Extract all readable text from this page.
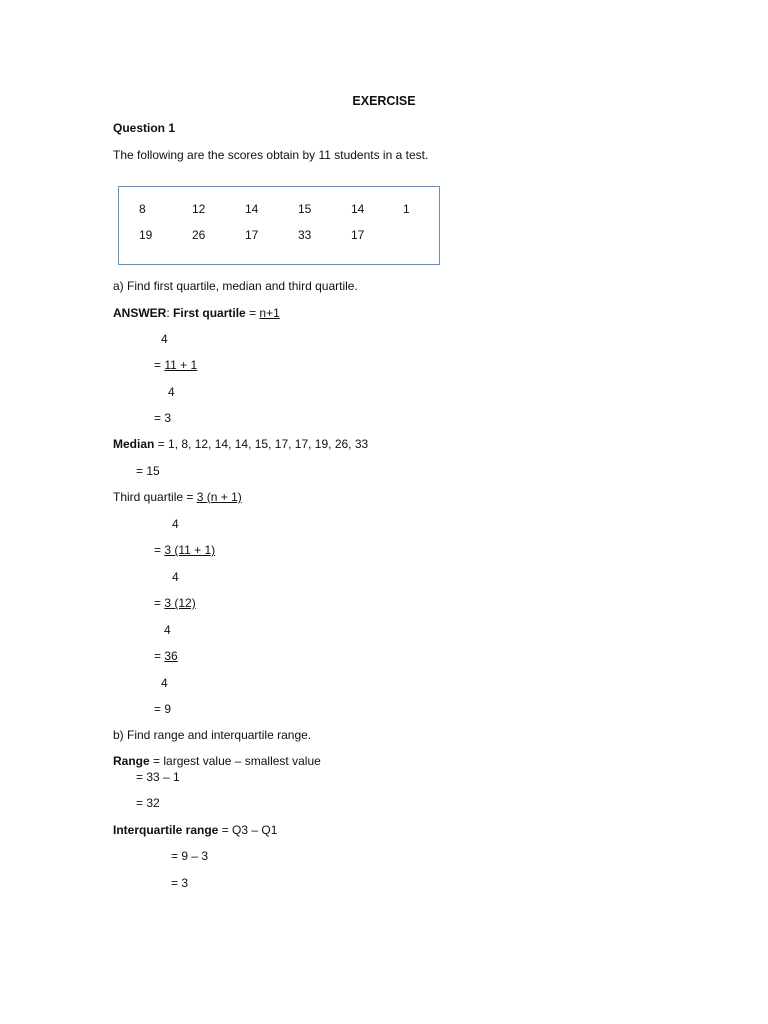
EXERCISE
Question 1
The following are the scores obtain by 11 students in a test.
8	12	14	15	14	1
19	26	17	33	17
a) Find first quartile, median and third quartile.
ANSWER: First quartile = n+1
4
= 11 + 1
4
= 3
Median = 1, 8, 12, 14, 14, 15, 17, 17, 19, 26, 33
= 15
Third quartile = 3 (n + 1)
4
= 3 (11 + 1)
4
= 3 (12)
4
= 36
4
= 9
b) Find range and interquartile range.
Range = largest value – smallest value
= 33 – 1
= 32
Interquartile range = Q3 – Q1
= 9 – 3
= 3
